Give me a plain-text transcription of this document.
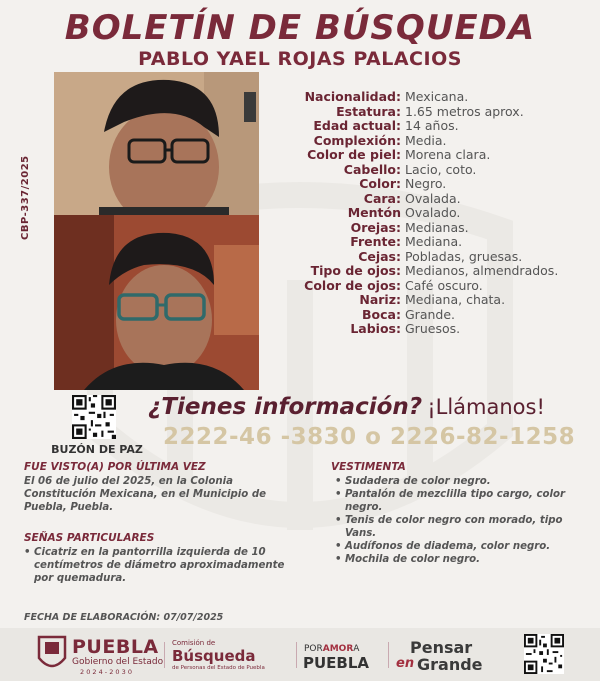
BOLETÍN DE BÚSQUEDA
PABLO YAEL ROJAS PALACIOS
CBP-337/2025
Nacionalidad: Mexicana.
Estatura: 1.65 metros aprox.
Edad actual: 14 años.
Complexión: Media.
Color de piel: Morena clara.
Cabello: Lacio, coto.
Color: Negro.
Cara: Ovalada.
Mentón Ovalado.
Orejas: Medianas.
Frente: Mediana.
Cejas: Pobladas, gruesas.
Tipo de ojos: Medianos, almendrados.
Color de ojos: Café oscuro.
Nariz: Mediana, chata.
Boca: Grande.
Labios: Gruesos.
BUZÓN DE PAZ
¿Tienes información? ¡Llámanos!
2222-46 -3830 o 2226-82-1258
FUE VISTO(A) POR ÚLTIMA VEZ
El 06 de julio del 2025, en la Colonia
Constitución Mexicana, en el Municipio de
Puebla, Puebla.
SEÑAS PARTICULARES
• Cicatriz en la pantorrilla izquierda de 10
centímetros de diámetro aproximadamente
por quemadura.
VESTIMENTA
• Sudadera de color negro.
• Pantalón de mezclilla tipo cargo, color
negro.
• Tenis de color negro con morado, tipo
Vans.
• Audífonos de diadema, color negro.
• Mochila de color negro.
FECHA DE ELABORACIÓN: 07/07/2025
PUEBLA
Gobierno del Estado
2 0 2 4 - 2 0 3 0
Comisión de
Búsqueda
de Personas del Estado de Puebla
PORAMORA
PUEBLA
Pensar
en Grande
